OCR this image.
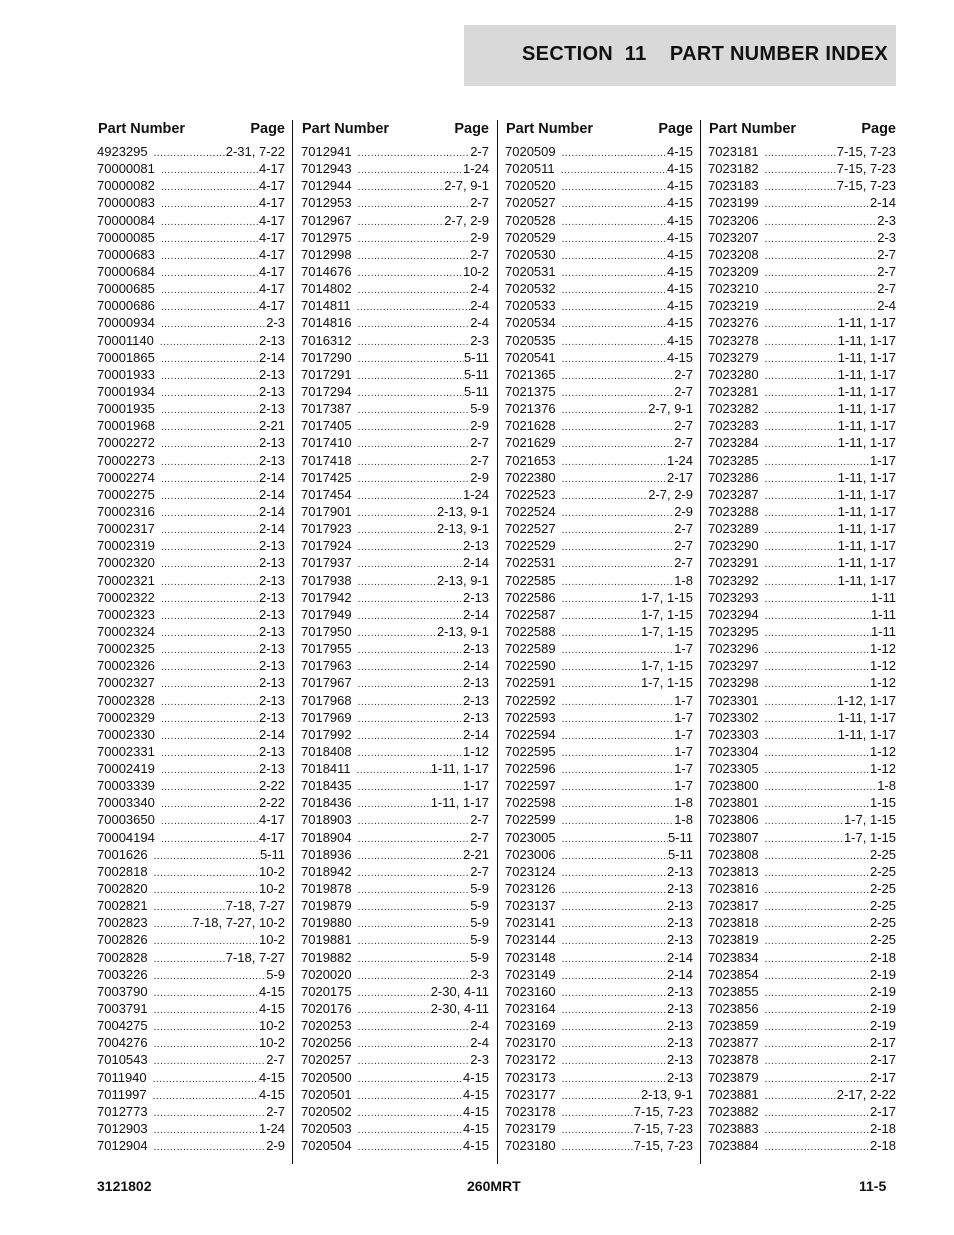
SECTION  11    PART NUMBER INDEX
Part Number	Page
4923295 .....	2-31, 7-22
70000081 .....	4-17
70000082 .....	4-17
70000083 .....	4-17
70000084 .....	4-17
70000085 .....	4-17
70000683 .....	4-17
70000684 .....	4-17
70000685 .....	4-17
70000686 .....	4-17
70000934 .....	2-3
70001140 .....	2-13
70001865 .....	2-14
70001933 .....	2-13
70001934 .....	2-13
70001935 .....	2-13
70001968 .....	2-21
70002272 .....	2-13
70002273 .....	2-13
70002274 .....	2-14
70002275 .....	2-14
70002316 .....	2-14
70002317 .....	2-14
70002319 .....	2-13
70002320 .....	2-13
70002321 .....	2-13
70002322 .....	2-13
70002323 .....	2-13
70002324 .....	2-13
70002325 .....	2-13
70002326 .....	2-13
70002327 .....	2-13
70002328 .....	2-13
70002329 .....	2-13
70002330 .....	2-14
70002331 .....	2-13
70002419 .....	2-13
70003339 .....	2-22
70003340 .....	2-22
70003650 .....	4-17
70004194 .....	4-17
7001626 .....	5-11
7002818 .....	10-2
7002820 .....	10-2
7002821 .....	7-18, 7-27
7002823 .....	7-18, 7-27, 10-2
7002826 .....	10-2
7002828 .....	7-18, 7-27
7003226 .....	5-9
7003790 .....	4-15
7003791 .....	4-15
7004275 .....	10-2
7004276 .....	10-2
7010543 .....	2-7
7011940 .....	4-15
7011997 .....	4-15
7012773 .....	2-7
7012903 .....	1-24
7012904 .....	2-9
Part Number	Page
7012941 .....	2-7
7012943 .....	1-24
7012944 .....	2-7, 9-1
7012953 .....	2-7
7012967 .....	2-7, 2-9
7012975 .....	2-9
7012998 .....	2-7
7014676 .....	10-2
7014802 .....	2-4
7014811 .....	2-4
7014816 .....	2-4
7016312 .....	2-3
7017290 .....	5-11
7017291 .....	5-11
7017294 .....	5-11
7017387 .....	5-9
7017405 .....	2-9
7017410 .....	2-7
7017418 .....	2-7
7017425 .....	2-9
7017454 .....	1-24
7017901 .....	2-13, 9-1
7017923 .....	2-13, 9-1
7017924 .....	2-13
7017937 .....	2-14
7017938 .....	2-13, 9-1
7017942 .....	2-13
7017949 .....	2-14
7017950 .....	2-13, 9-1
7017955 .....	2-13
7017963 .....	2-14
7017967 .....	2-13
7017968 .....	2-13
7017969 .....	2-13
7017992 .....	2-14
7018408 .....	1-12
7018411 .....	1-11, 1-17
7018435 .....	1-17
7018436 .....	1-11, 1-17
7018903 .....	2-7
7018904 .....	2-7
7018936 .....	2-21
7018942 .....	2-7
7019878 .....	5-9
7019879 .....	5-9
7019880 .....	5-9
7019881 .....	5-9
7019882 .....	5-9
7020020 .....	2-3
7020175 .....	2-30, 4-11
7020176 .....	2-30, 4-11
7020253 .....	2-4
7020256 .....	2-4
7020257 .....	2-3
7020500 .....	4-15
7020501 .....	4-15
7020502 .....	4-15
7020503 .....	4-15
7020504 .....	4-15
Part Number	Page
7020509 .....	4-15
7020511 .....	4-15
7020520 .....	4-15
7020527 .....	4-15
7020528 .....	4-15
7020529 .....	4-15
7020530 .....	4-15
7020531 .....	4-15
7020532 .....	4-15
7020533 .....	4-15
7020534 .....	4-15
7020535 .....	4-15
7020541 .....	4-15
7021365 .....	2-7
7021375 .....	2-7
7021376 .....	2-7, 9-1
7021628 .....	2-7
7021629 .....	2-7
7021653 .....	1-24
7022380 .....	2-17
7022523 .....	2-7, 2-9
7022524 .....	2-9
7022527 .....	2-7
7022529 .....	2-7
7022531 .....	2-7
7022585 .....	1-8
7022586 .....	1-7, 1-15
7022587 .....	1-7, 1-15
7022588 .....	1-7, 1-15
7022589 .....	1-7
7022590 .....	1-7, 1-15
7022591 .....	1-7, 1-15
7022592 .....	1-7
7022593 .....	1-7
7022594 .....	1-7
7022595 .....	1-7
7022596 .....	1-7
7022597 .....	1-7
7022598 .....	1-8
7022599 .....	1-8
7023005 .....	5-11
7023006 .....	5-11
7023124 .....	2-13
7023126 .....	2-13
7023137 .....	2-13
7023141 .....	2-13
7023144 .....	2-13
7023148 .....	2-14
7023149 .....	2-14
7023160 .....	2-13
7023164 .....	2-13
7023169 .....	2-13
7023170 .....	2-13
7023172 .....	2-13
7023173 .....	2-13
7023177 .....	2-13, 9-1
7023178 .....	7-15, 7-23
7023179 .....	7-15, 7-23
7023180 .....	7-15, 7-23
Part Number	Page
7023181 .....	7-15, 7-23
7023182 .....	7-15, 7-23
7023183 .....	7-15, 7-23
7023199 .....	2-14
7023206 .....	2-3
7023207 .....	2-3
7023208 .....	2-7
7023209 .....	2-7
7023210 .....	2-7
7023219 .....	2-4
7023276 .....	1-11, 1-17
7023278 .....	1-11, 1-17
7023279 .....	1-11, 1-17
7023280 .....	1-11, 1-17
7023281 .....	1-11, 1-17
7023282 .....	1-11, 1-17
7023283 .....	1-11, 1-17
7023284 .....	1-11, 1-17
7023285 .....	1-17
7023286 .....	1-11, 1-17
7023287 .....	1-11, 1-17
7023288 .....	1-11, 1-17
7023289 .....	1-11, 1-17
7023290 .....	1-11, 1-17
7023291 .....	1-11, 1-17
7023292 .....	1-11, 1-17
7023293 .....	1-11
7023294 .....	1-11
7023295 .....	1-11
7023296 .....	1-12
7023297 .....	1-12
7023298 .....	1-12
7023301 .....	1-12, 1-17
7023302 .....	1-11, 1-17
7023303 .....	1-11, 1-17
7023304 .....	1-12
7023305 .....	1-12
7023800 .....	1-8
7023801 .....	1-15
7023806 .....	1-7, 1-15
7023807 .....	1-7, 1-15
7023808 .....	2-25
7023813 .....	2-25
7023816 .....	2-25
7023817 .....	2-25
7023818 .....	2-25
7023819 .....	2-25
7023834 .....	2-18
7023854 .....	2-19
7023855 .....	2-19
7023856 .....	2-19
7023859 .....	2-19
7023877 .....	2-17
7023878 .....	2-17
7023879 .....	2-17
7023881 .....	2-17, 2-22
7023882 .....	2-17
7023883 .....	2-18
7023884 .....	2-18
3121802	260MRT	11-5
